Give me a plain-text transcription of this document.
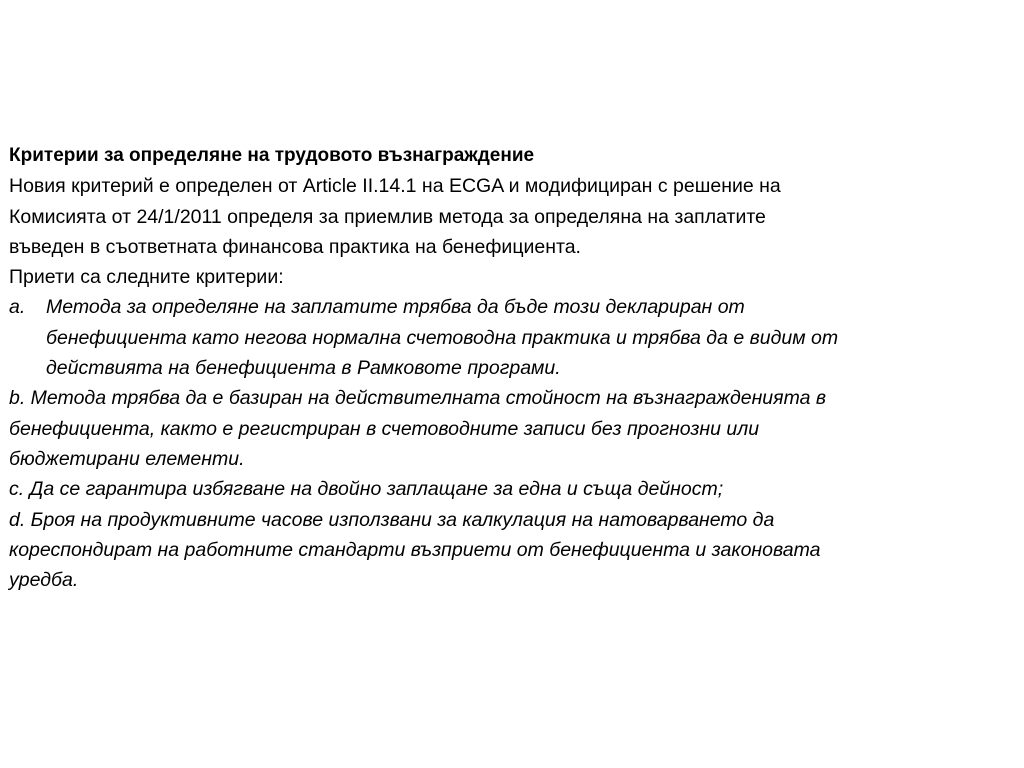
Критерии за определяне на трудовото възнаграждение
Новия критерий е определен от Article II.14.1 на ECGA и модифициран с решение на
Комисията от 24/1/2011 определя за приемлив метода за определяна на заплатите
въведен в съответната финансова практика на бенефициента.
Приети са следните критерии:
a.	Метода за определяне на заплатите трябва да бъде този деклариран от
бенефициента като негова нормална счетоводна практика и трябва да е видим от
действията на бенефициента в Рамковоте програми.
b. Метода трябва да е базиран на действителната стойност на възнагражденията в
бенефициента, както е регистриран в счетоводните записи без прогнозни или
бюджетирани елементи.
c. Да се гарантира избягване на двойно заплащане за една и съща дейност;
d. Броя на продуктивните часове използвани за калкулация на натоварването да
кореспондират на работните стандарти възприети от бенефициента и законовата
уредба.
